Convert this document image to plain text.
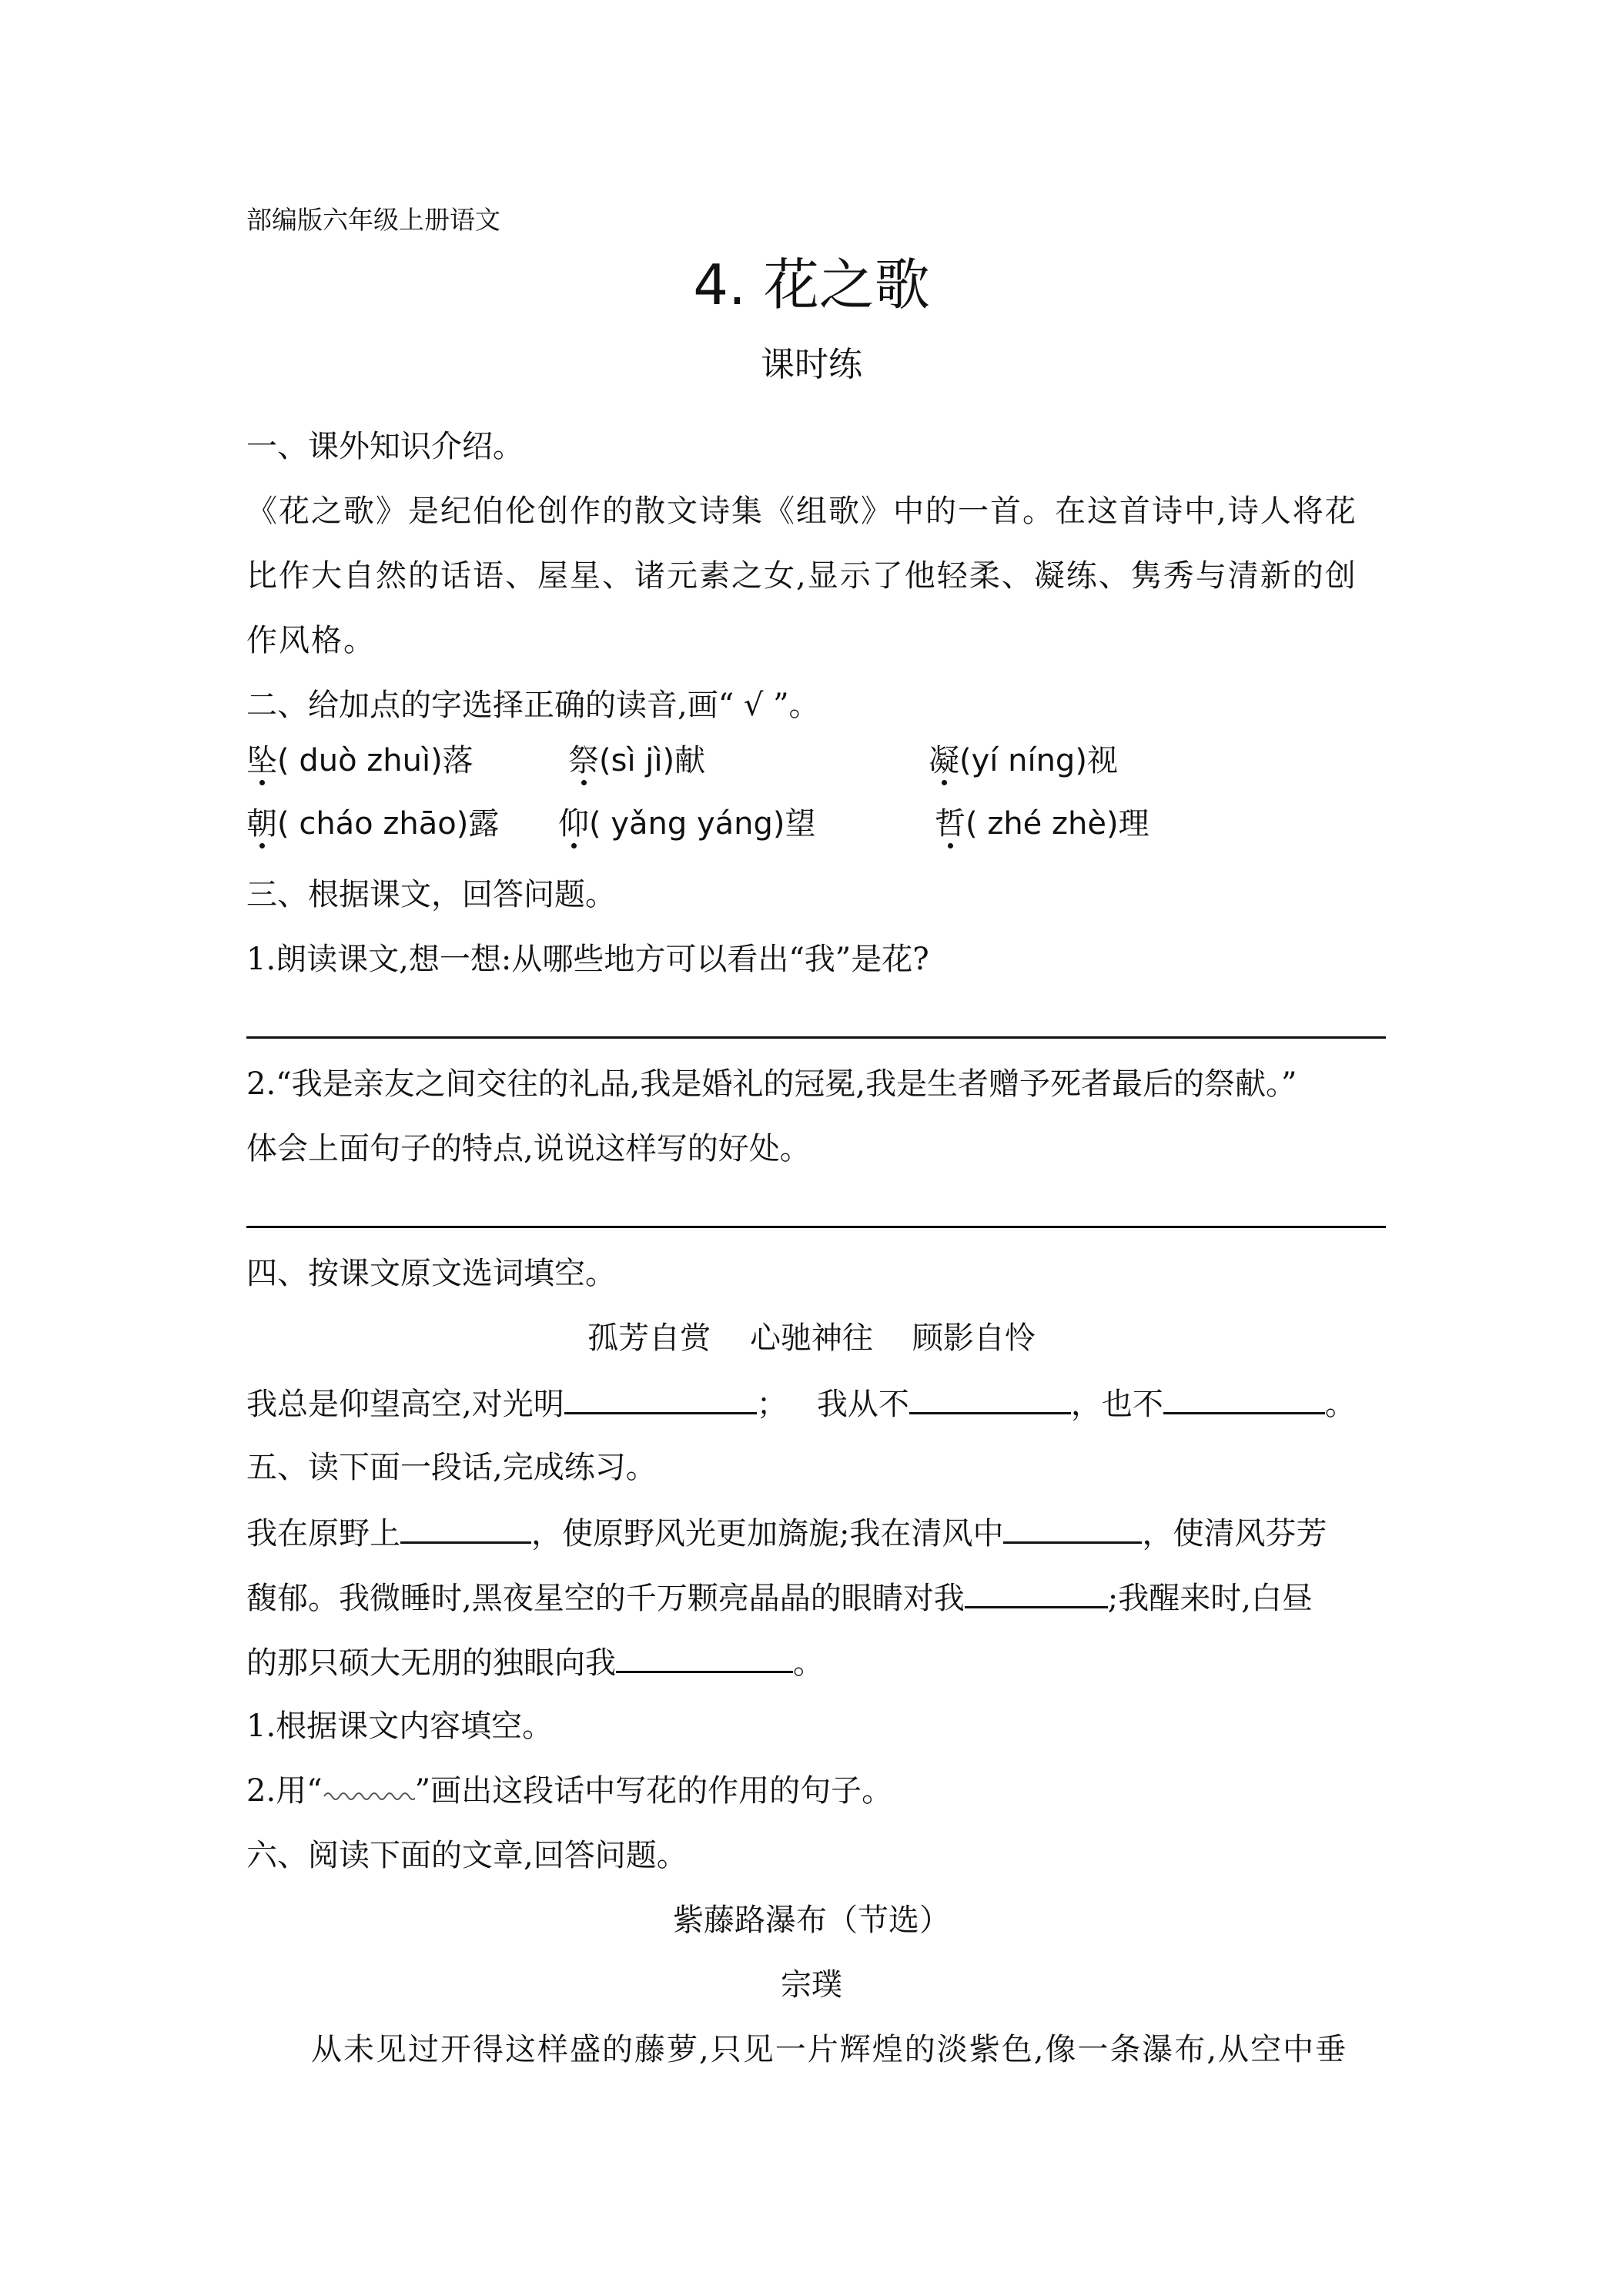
部编版六年级上册语文
4. 花之歌
课时练
一、课外知识介绍。
《花之歌》是纪伯伦创作的散文诗集《组歌》中的一首。在这首诗中,诗人将花
比作大自然的话语、屋星、诸元素之女,显示了他轻柔、凝练、隽秀与清新的创
作风格。
二、给加点的字选择正确的读音,画“ √ ”。
坠( duò zhuì)落	祭(sì jì)献	凝(yí níng)视
朝( cháo zhāo)露 仰( yǎng yáng)望	哲( zhé zhè)理
三、根据课文，回答问题。
1.朗读课文,想一想:从哪些地方可以看出“我”是花?
2.“我是亲友之间交往的礼品,我是婚礼的冠冕,我是生者赠予死者最后的祭献。”
体会上面句子的特点,说说这样写的好处。
四、按课文原文选词填空。
孤芳自赏    心驰神往    顾影自怜
我总是仰望高空,对光明	；   我从不	，也不	。
五、读下面一段话,完成练习。
我在原野上	，使原野风光更加旖旎;我在清风中	，使清风芬芳
馥郁。我微睡时,黑夜星空的千万颗亮晶晶的眼睛对我	;我醒来时,白昼
的那只硕大无朋的独眼向我	。
1.根据课文内容填空。
2.用“	”画出这段话中写花的作用的句子。
六、阅读下面的文章,回答问题。
紫藤路瀑布（节选）
宗璞
从未见过开得这样盛的藤萝,只见一片辉煌的淡紫色,像一条瀑布,从空中垂
